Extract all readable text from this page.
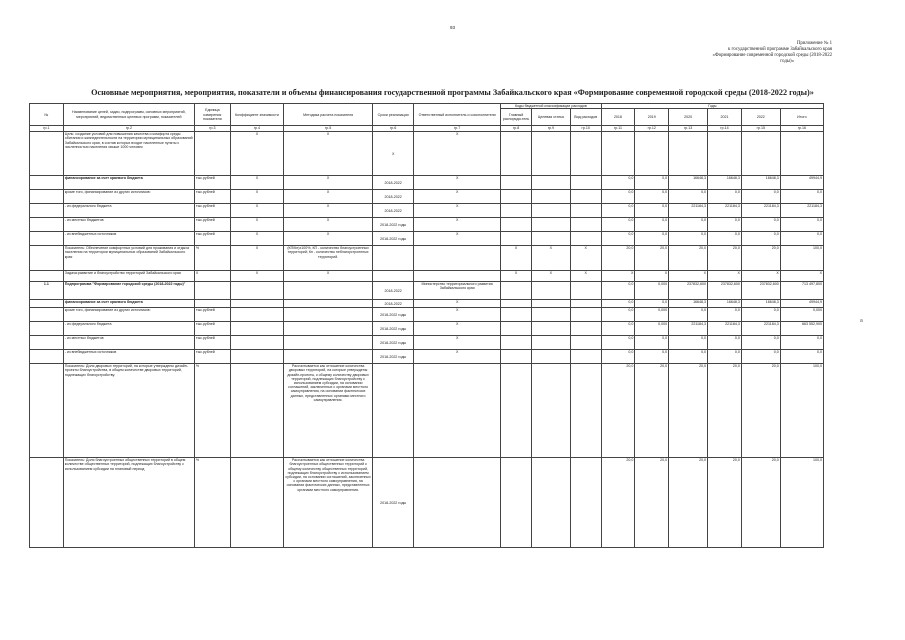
93
Приложение № 1
к государственной программе Забайкальского края
«Формирование современной городской среды (2018-2022
годы)»
Основные мероприятия, мероприятия, показатели и объемы финансирования государственной программы Забайкальского края «Формирование современной городской среды (2018-2022 годы)»
a
№	Наименование целей, задач, подпрограмм, основных мероприятий, мероприятий, ведомственных целевых программ, показателей	Единица измерения показателя	Коэффициент значимости	Методика расчета показателя	Сроки реализации	Ответственный исполнитель и соисполнители	Коды бюджетной классификации расходов			Годы					
							Главный распоряди-тель	Целевая статья	Вид расходов	2018	2019	2020	2021	2022	Итого
гр.1	гр.2	гр.3	гр.4	гр.5	гр.6	гр.7	гр.8	гр.9	гр.10	гр.11	гр.12	гр.13	гр.14	гр.15	гр.16
	Цель: создание условий для повышения качества и комфорта среды обитания и жизнедеятельности на территории муниципальных образований Забайкальского края, в состав которых входят населенные пункты с численностью населения свыше 1000 человек		X	X	X	X									
	финансирование за счет краевого бюджета	тыс.рублей	X	X	2018-2022	X				0,0	0,0	16648,3	16648,3	16648,3	49944,9
	кроме того, финансирование из других источников:	тыс.рублей	X	X	2018-2022	X				0,0	0,0	0,0	0,0	0,0	0,0
	- из федерального бюджета	тыс.рублей	X	X	2018-2022	X				0,0	0,0	221184,3	221184,3	221184,3	221184,3
	- из местных бюджетов	тыс.рублей	X	X	2018-2022 годы	X				0,0	0,0	0,0	0,0	0,0	0,0
	- из внебюджетных источников	тыс.рублей	X	X	2018-2022 годы	X				0,0	0,0	0,0	0,0	0,0	0,0
	Показатель: Обеспечение комфортных условий для проживания и отдыха населения на территории муниципальных образований Забайкальского края	%	X	(КП/Кн)х100%, КП - количество благоустроенных территорий; Кн - количество неблагоустроенных территорий.			X	X	X	20,0	20,0	20,0	20,0	20,0	100,0
	Задача:развитие и благоустройство территорий Забайкальского края	X	X	X			X	X	X	X	X	X	X	X	X
1.1	Подпрограмма "Формирование городской среды (2018-2022 годы)"				2018-2022	Министерство территориального развития Забайкальского края				0,0	0,000	237832,600	237832,600	237832,600	713 497,800
	финансирование за счет краевого бюджета				2018-2022	X				0,0	0,0	16648,3	16648,3	16648,3	49944,9
	кроме того, финансирование из других источников:	тыс.рублей			2018-2022 годы	X				0,0	0,000	0,0	0,0	0,0	0,000
	- из федерального бюджета	тыс.рублей			2018-2022 годы	X				0,0	0,000	221184,3	221184,3	221184,3	663 552,900
	- из местных бюджетов	тыс.рублей			2018-2022 годы	X				0,0	0,0	0,0	0,0	0,0	0,0
	- из внебюджетных источников	тыс.рублей			2018-2022 годы	X				0,0	0,0	0,0	0,0	0,0	0,0
	Показатель: Доля дворовых территорий, на которые утверждены дизайн-проекты благоустройства, в общем количестве дворовых территорий, подлежащих благоустройству.	%		Рассчитывается как отношение количества дворовых территорий, на которые утверждены дизайн-проекты, к общему количеству дворовых территорий, подлежащих благоустройству с использованием субсидии, на основании соглашений, заключенных с органами местного самоуправления, на основании фактических данных, представленных органами местного самоуправления.						20,0	20,0	20,0	20,0	20,0	100,0
	Показатель: Доля благоустроенных общественных территорий в общем количестве общественных территорий, подлежащих благоустройству с использованием субсидии на плановый период	%		Рассчитывается как отношение количества благоустроенных общественных территорий к общему количеству общественных территорий, подлежащих благоустройству с использованием субсидии, на основании соглашений, заключенных с органами местного самоуправления, на основании фактических данных, представленных органами местного самоуправления.	2018-2022 годы					20,0	20,0	20,0	20,0	20,0	100,0
